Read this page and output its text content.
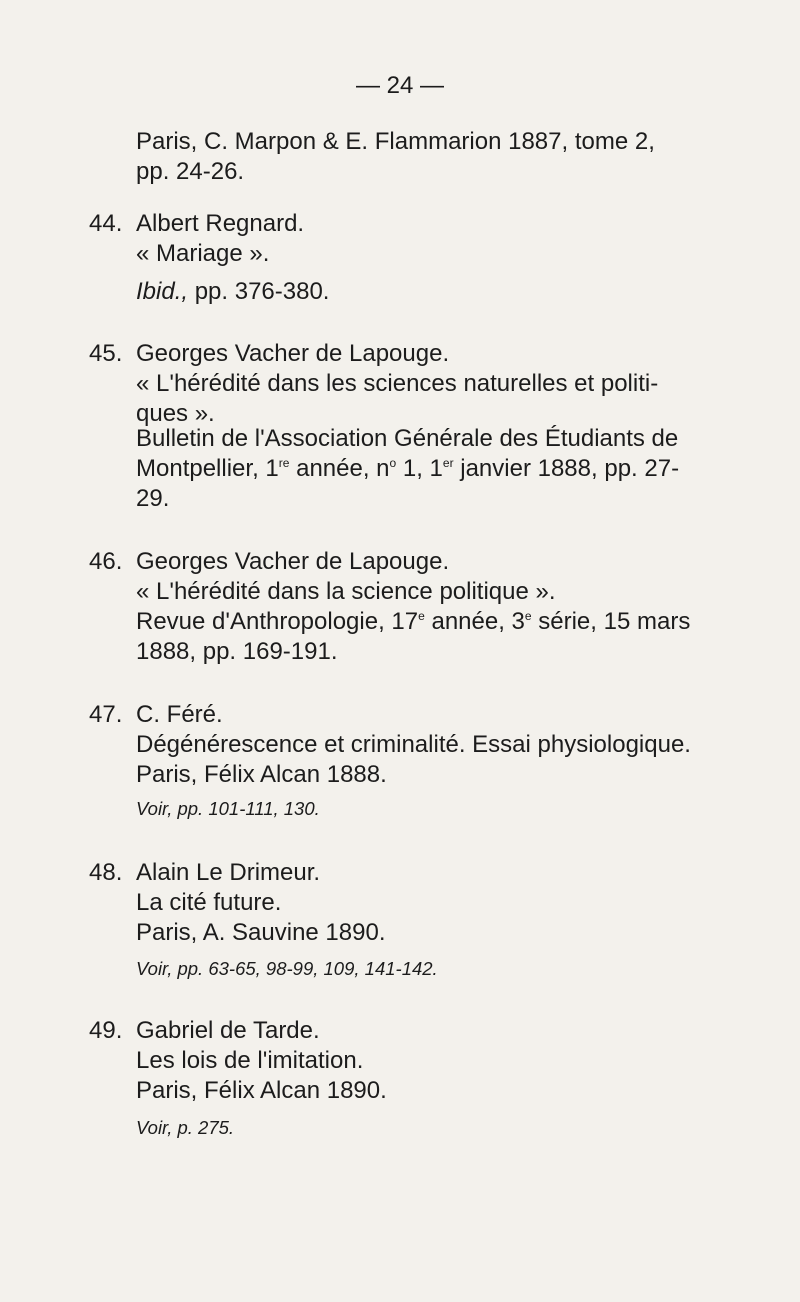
— 24 —
Paris, C. Marpon & E. Flammarion 1887, tome 2,
pp. 24-26.
44. Albert Regnard.
« Mariage ».
Ibid., pp. 376-380.
45. Georges Vacher de Lapouge.
« L'hérédité dans les sciences naturelles et politi-
ques ».
Bulletin de l'Association Générale des Étudiants de
Montpellier, 1re année, $n^o$ 1, 1er janvier 1888, pp. 27-
29.
46. Georges Vacher de Lapouge.
« L'hérédité dans la science politique ».
Revue d'Anthropologie, 17e année, 3e série, 15 mars
1888, pp. 169-191.
47. C. Féré.
Dégénérescence et criminalité. Essai physiologique.
Paris, Félix Alcan 1888.
Voir, pp. 101-111, 130.
48. Alain Le Drimeur.
La cité future.
Paris, A. Sauvine 1890.
Voir, pp. 63-65, 98-99, 109, 141-142.
49. Gabriel de Tarde.
Les lois de l'imitation.
Paris, Félix Alcan 1890.
Voir, p. 275.
